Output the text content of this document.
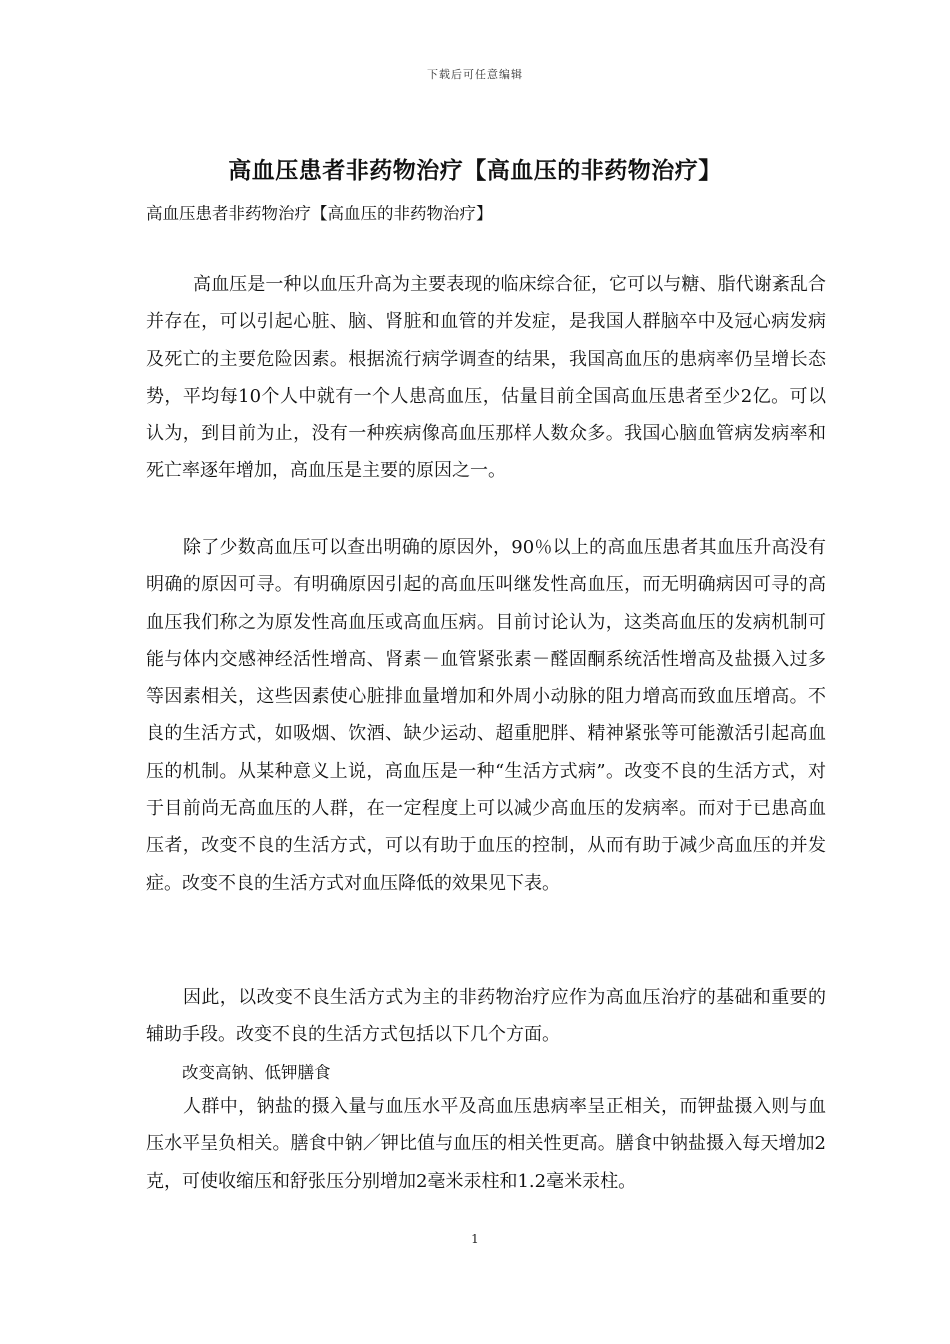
下载后可任意编辑
高血压患者非药物治疗【高血压的非药物治疗】
高血压患者非药物治疗【高血压的非药物治疗】

高血压是一种以血压升高为主要表现的临床综合征，它可以与糖、脂代谢紊乱合并存在，可以引起心脏、脑、肾脏和血管的并发症，是我国人群脑卒中及冠心病发病及死亡的主要危险因素。根据流行病学调查的结果，我国高血压的患病率仍呈增长态势，平均每10个人中就有一个人患高血压，估量目前全国高血压患者至少2亿。可以认为，到目前为止，没有一种疾病像高血压那样人数众多。我国心脑血管病发病率和死亡率逐年增加，高血压是主要的原因之一。

除了少数高血压可以查出明确的原因外，90％以上的高血压患者其血压升高没有明确的原因可寻。有明确原因引起的高血压叫继发性高血压，而无明确病因可寻的高血压我们称之为原发性高血压或高血压病。目前讨论认为，这类高血压的发病机制可能与体内交感神经活性增高、肾素－血管紧张素－醛固酮系统活性增高及盐摄入过多等因素相关，这些因素使心脏排血量增加和外周小动脉的阻力增高而致血压增高。不良的生活方式，如吸烟、饮酒、缺少运动、超重肥胖、精神紧张等可能激活引起高血压的机制。从某种意义上说，高血压是一种“生活方式病”。改变不良的生活方式，对于目前尚无高血压的人群，在一定程度上可以减少高血压的发病率。而对于已患高血压者，改变不良的生活方式，可以有助于血压的控制，从而有助于减少高血压的并发症。改变不良的生活方式对血压降低的效果见下表。

因此，以改变不良生活方式为主的非药物治疗应作为高血压治疗的基础和重要的辅助手段。改变不良的生活方式包括以下几个方面。

改变高钠、低钾膳食

人群中，钠盐的摄入量与血压水平及高血压患病率呈正相关，而钾盐摄入则与血压水平呈负相关。膳食中钠／钾比值与血压的相关性更高。膳食中钠盐摄入每天增加2克，可使收缩压和舒张压分别增加2毫米汞柱和1.2毫米汞柱。

1
